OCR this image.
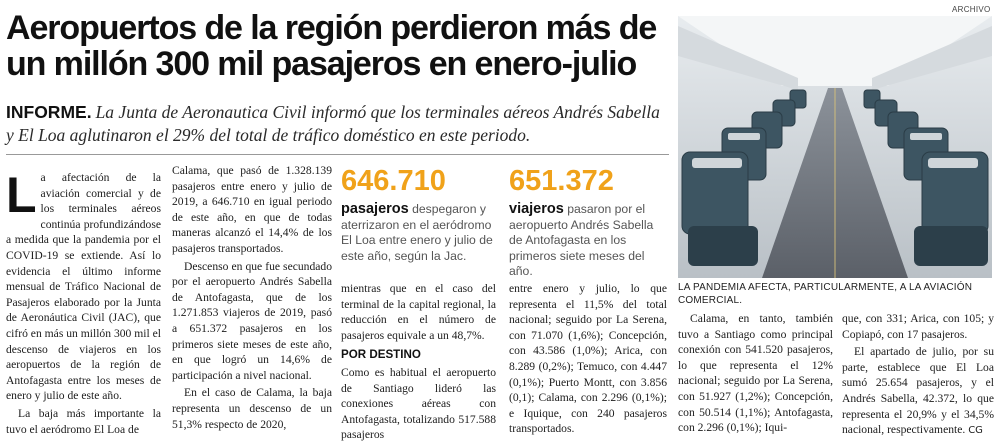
Aeropuertos de la región perdieron más de un millón 300 mil pasajeros en enero-julio
INFORME. La Junta de Aeronautica Civil informó que los terminales aéreos Andrés Sabella y El Loa aglutinaron el 29% del total de tráfico doméstico en este periodo.

La afectación de la aviación comercial y de los terminales aéreos continúa profundizándose a medida que la pandemia por el COVID-19 se extiende. Así lo evidencia el último informe mensual de Tráfico Nacional de Pasajeros elaborado por la Junta de Aeronáutica Civil (JAC), que cifró en más un millón 300 mil el descenso de viajeros en los aeropuertos de la región de Antofagasta entre los meses de enero y julio de este año.

La baja más importante la tuvo el aeródromo El Loa de

Calama, que pasó de 1.328.139 pasajeros entre enero y julio de 2019, a 646.710 en igual periodo de este año, en que de todas maneras alcanzó el 14,4% de los pasajeros transportados.

Descenso en que fue secundado por el aeropuerto Andrés Sabella de Antofagasta, que de los 1.271.853 viajeros de 2019, pasó a 651.372 pasajeros en los primeros siete meses de este año, en que logró un 14,6% de participación a nivel nacional.

En el caso de Calama, la baja representa un descenso de un 51,3% respecto de 2020,

646.710
pasajeros despegaron y aterrizaron en el aeródromo El Loa entre enero y julio de este año, según la Jac.
651.372
viajeros pasaron por el aeropuerto Andrés Sabella de Antofagasta en los primeros siete meses del año.

mientras que en el caso del terminal de la capital regional, la reducción en el número de pasajeros equivale a un 48,7%.

POR DESTINO

Como es habitual el aeropuerto de Santiago lideró las conexiones aéreas con Antofagasta, totalizando 517.588 pasajeros

entre enero y julio, lo que representa el 11,5% del total nacional; seguido por La Serena, con 71.070 (1,6%); Concepción, con 43.586 (1,0%); Arica, con 8.289 (0,2%); Temuco, con 4.447 (0,1%); Puerto Montt, con 3.856 (0,1); Calama, con 2.296 (0,1%); e Iquique, con 240 pasajeros transportados.

ARCHIVO
LA PANDEMIA AFECTA, PARTICULARMENTE, A LA AVIACIÓN COMERCIAL.

Calama, en tanto, también tuvo a Santiago como principal conexión con 541.520 pasajeros, lo que representa el 12% nacional; seguido por La Serena, con 51.927 (1,2%); Concepción, con 50.514 (1,1%); Antofagasta, con 2.296 (0,1%); Iqui-

que, con 331; Arica, con 105; y Copiapó, con 17 pasajeros.

El apartado de julio, por su parte, establece que El Loa sumó 25.654 pasajeros, y el Andrés Sabella, 42.372, lo que representa el 20,9% y el 34,5% nacional, respectivamente. CG
